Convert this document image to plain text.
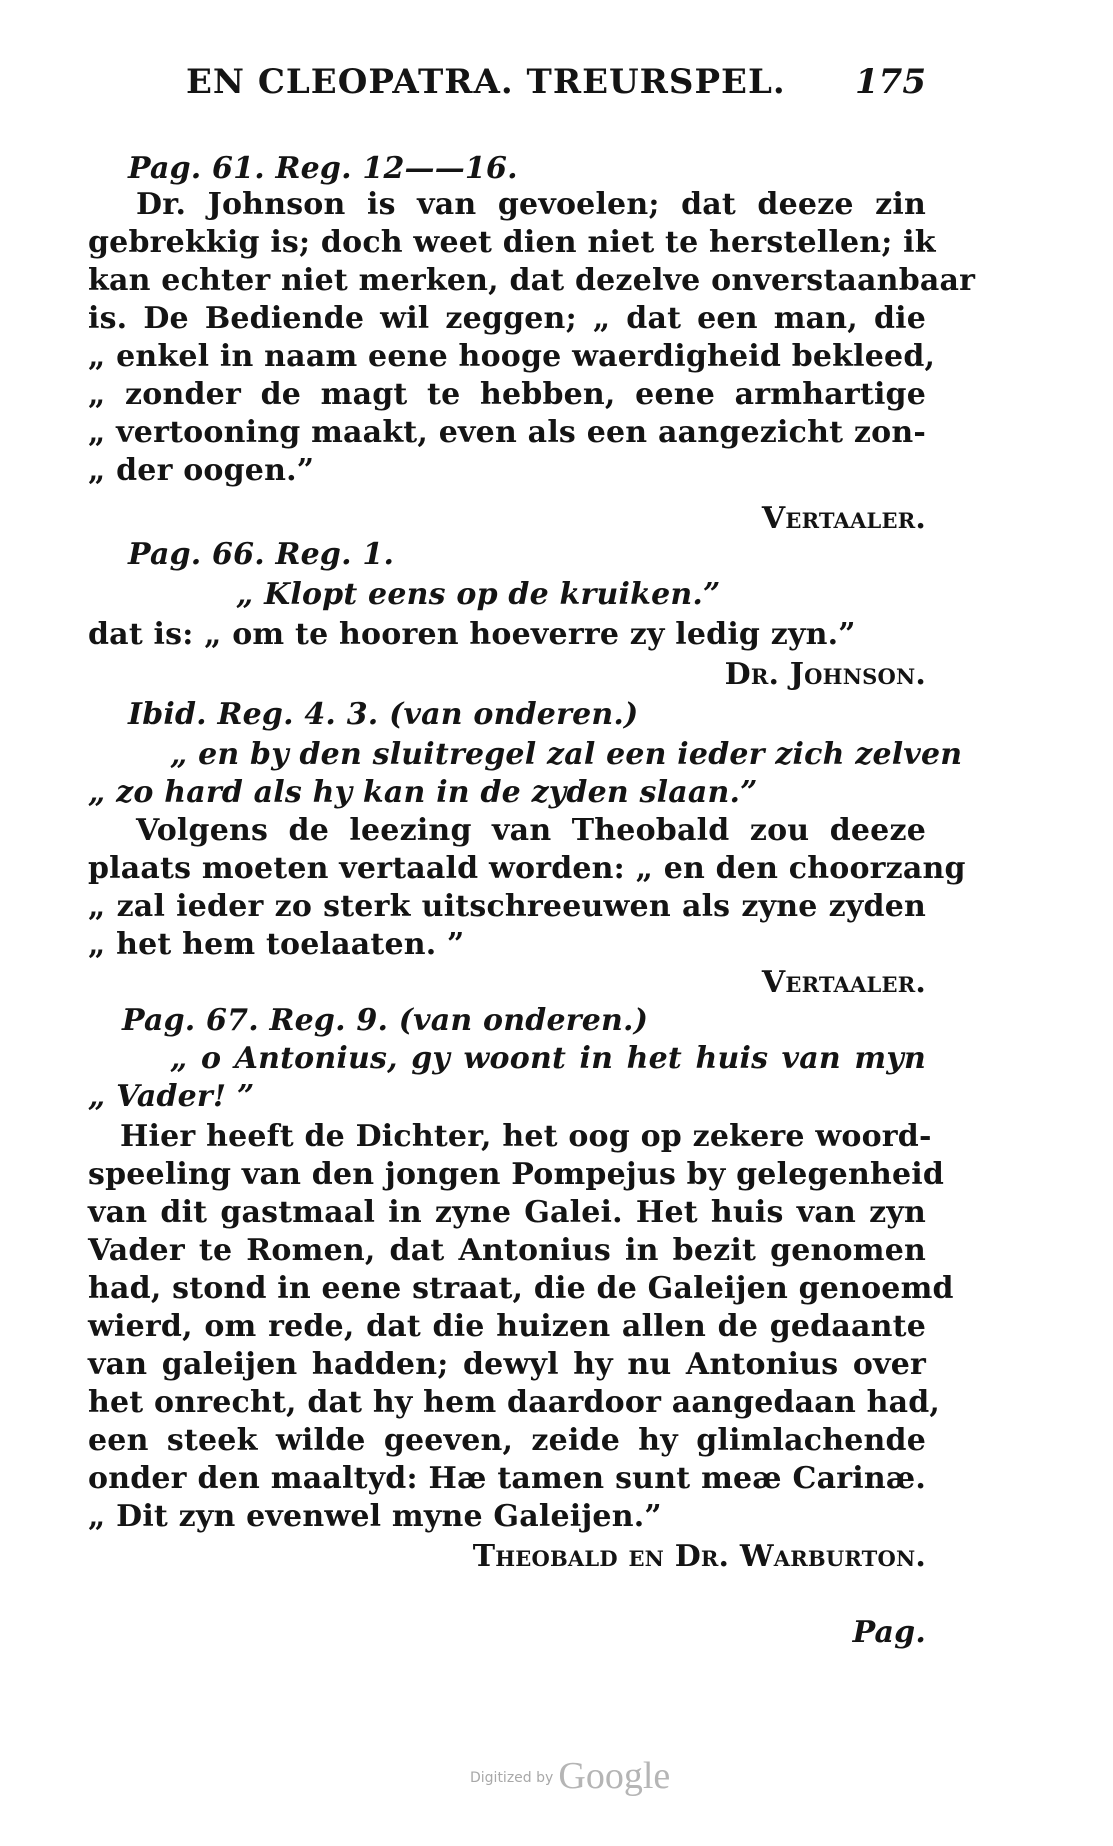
EN CLEOPATRA. TREURSPEL. 175
Pag. 61. Reg. 12——16.
Dr. Johnson is van gevoelen; dat deeze zin
gebrekkig is; doch weet dien niet te herstellen; ik
kan echter niet merken, dat dezelve onverstaanbaar
is. De Bediende wil zeggen; „ dat een man, die
„ enkel in naam eene hooge waerdigheid bekleed,
„ zonder de magt te hebben, eene armhartige
„ vertooning maakt, even als een aangezicht zon-
„ der oogen.”
Vertaaler.
Pag. 66. Reg. 1.
„ Klopt eens op de kruiken.”
dat is: „ om te hooren hoeverre zy ledig zyn.”
Dr. Johnson.
Ibid. Reg. 4. 3. (van onderen.)
„ en by den sluitregel zal een ieder zich zelven
„ zo hard als hy kan in de zyden slaan.”
Volgens de leezing van Theobald zou deeze
plaats moeten vertaald worden: „ en den choorzang
„ zal ieder zo sterk uitschreeuwen als zyne zyden
„ het hem toelaaten. ”
Vertaaler.
Pag. 67. Reg. 9. (van onderen.)
„ o Antonius, gy woont in het huis van myn
„ Vader! ”
Hier heeft de Dichter, het oog op zekere woord-
speeling van den jongen Pompejus by gelegenheid
van dit gastmaal in zyne Galei. Het huis van zyn
Vader te Romen, dat Antonius in bezit genomen
had, stond in eene straat, die de Galeijen genoemd
wierd, om rede, dat die huizen allen de gedaante
van galeijen hadden; dewyl hy nu Antonius over
het onrecht, dat hy hem daardoor aangedaan had,
een steek wilde geeven, zeide hy glimlachende
onder den maaltyd: Hæ tamen sunt meæ Carinæ.
„ Dit zyn evenwel myne Galeijen.”
Theobald en Dr. Warburton.
Pag.
Digitized by Google
